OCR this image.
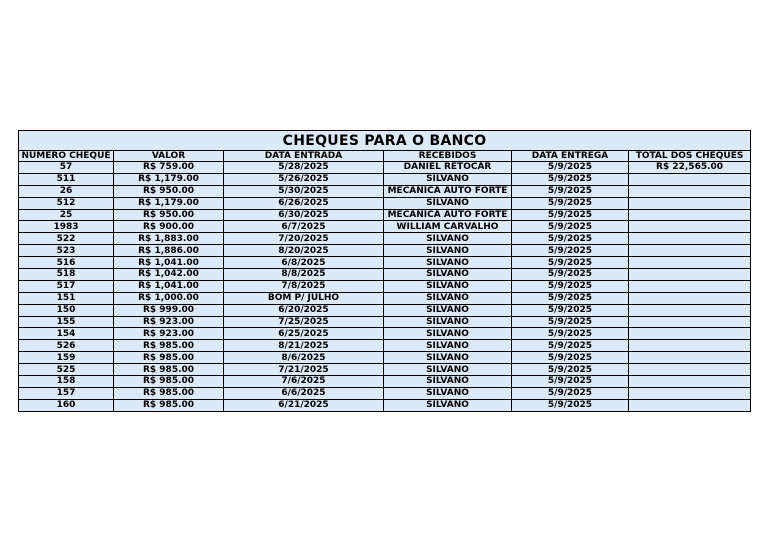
CHEQUES PARA O BANCO					
NUMERO CHEQUE	VALOR	DATA ENTRADA	RECEBIDOS	DATA ENTREGA	TOTAL DOS CHEQUES
57	R$ 759.00	5/28/2025	DANIEL RETOCAR	5/9/2025	R$ 22,565.00
511	R$ 1,179.00	5/26/2025	SILVANO	5/9/2025	
26	R$ 950.00	5/30/2025	MECANICA AUTO FORTE	5/9/2025	
512	R$ 1,179.00	6/26/2025	SILVANO	5/9/2025	
25	R$ 950.00	6/30/2025	MECANICA AUTO FORTE	5/9/2025	
1983	R$ 900.00	6/7/2025	WILLIAM CARVALHO	5/9/2025	
522	R$ 1,883.00	7/20/2025	SILVANO	5/9/2025	
523	R$ 1,886.00	8/20/2025	SILVANO	5/9/2025	
516	R$ 1,041.00	6/8/2025	SILVANO	5/9/2025	
518	R$ 1,042.00	8/8/2025	SILVANO	5/9/2025	
517	R$ 1,041.00	7/8/2025	SILVANO	5/9/2025	
151	R$ 1,000.00	BOM P/ JULHO	SILVANO	5/9/2025	
150	R$ 999.00	6/20/2025	SILVANO	5/9/2025	
155	R$ 923.00	7/25/2025	SILVANO	5/9/2025	
154	R$ 923.00	6/25/2025	SILVANO	5/9/2025	
526	R$ 985.00	8/21/2025	SILVANO	5/9/2025	
159	R$ 985.00	8/6/2025	SILVANO	5/9/2025	
525	R$ 985.00	7/21/2025	SILVANO	5/9/2025	
158	R$ 985.00	7/6/2025	SILVANO	5/9/2025	
157	R$ 985.00	6/6/2025	SILVANO	5/9/2025	
160	R$ 985.00	6/21/2025	SILVANO	5/9/2025	
